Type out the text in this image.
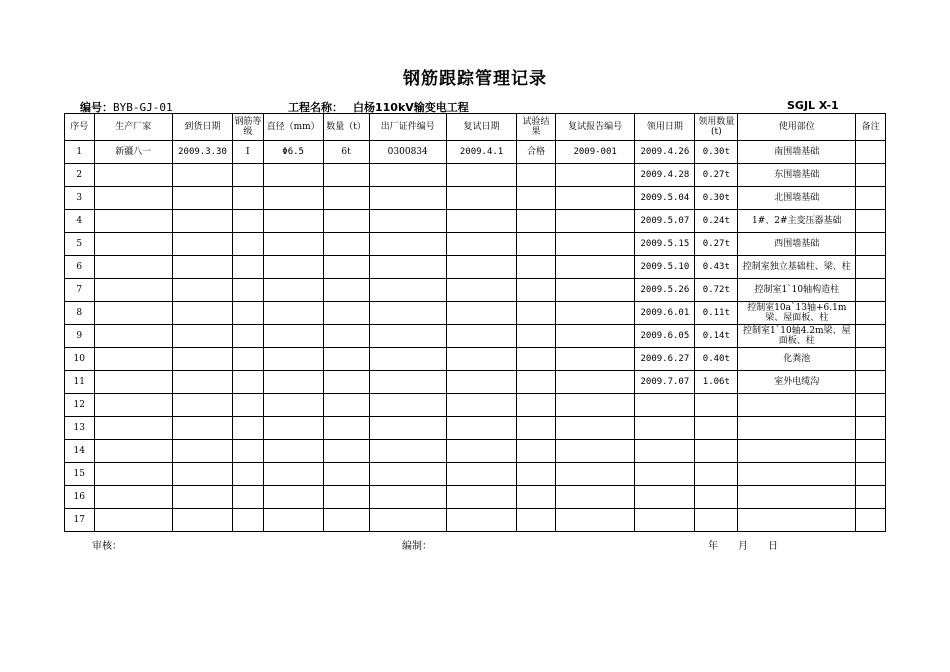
钢筋跟踪管理记录
编号：BYB-GJ-01	工程名称： 白杨110kV输变电工程	SGJL X-1
序号	生产厂家	到货日期	钢筋等级	直径（mm）	数量（t）	出厂证件编号	复试日期	试验结果	复试报告编号	领用日期	领用数量(t)	使用部位	备注
1	新疆八一	2009.3.30	Ⅰ	Φ6.5	6t	0300834	2009.4.1	合格	2009-001	2009.4.26	0.30t	南围墙基础	
2										2009.4.28	0.27t	东围墙基础	
3										2009.5.04	0.30t	北围墙基础	
4										2009.5.07	0.24t	1#、2#主变压器基础	
5										2009.5.15	0.27t	西围墙基础	
6										2009.5.10	0.43t	控制室独立基础柱、梁、柱	
7										2009.5.26	0.72t	控制室1`10轴构造柱	
8										2009.6.01	0.11t	控制室10a`13轴+6.1m梁、屋面板、柱	
9										2009.6.05	0.14t	控制室1`10轴4.2m梁、屋面板、柱	
10										2009.6.27	0.40t	化粪池	
11										2009.7.07	1.06t	室外电缆沟	
12													
13													
14													
15													
16													
17													
审核：	编制：	年　　月　　日
